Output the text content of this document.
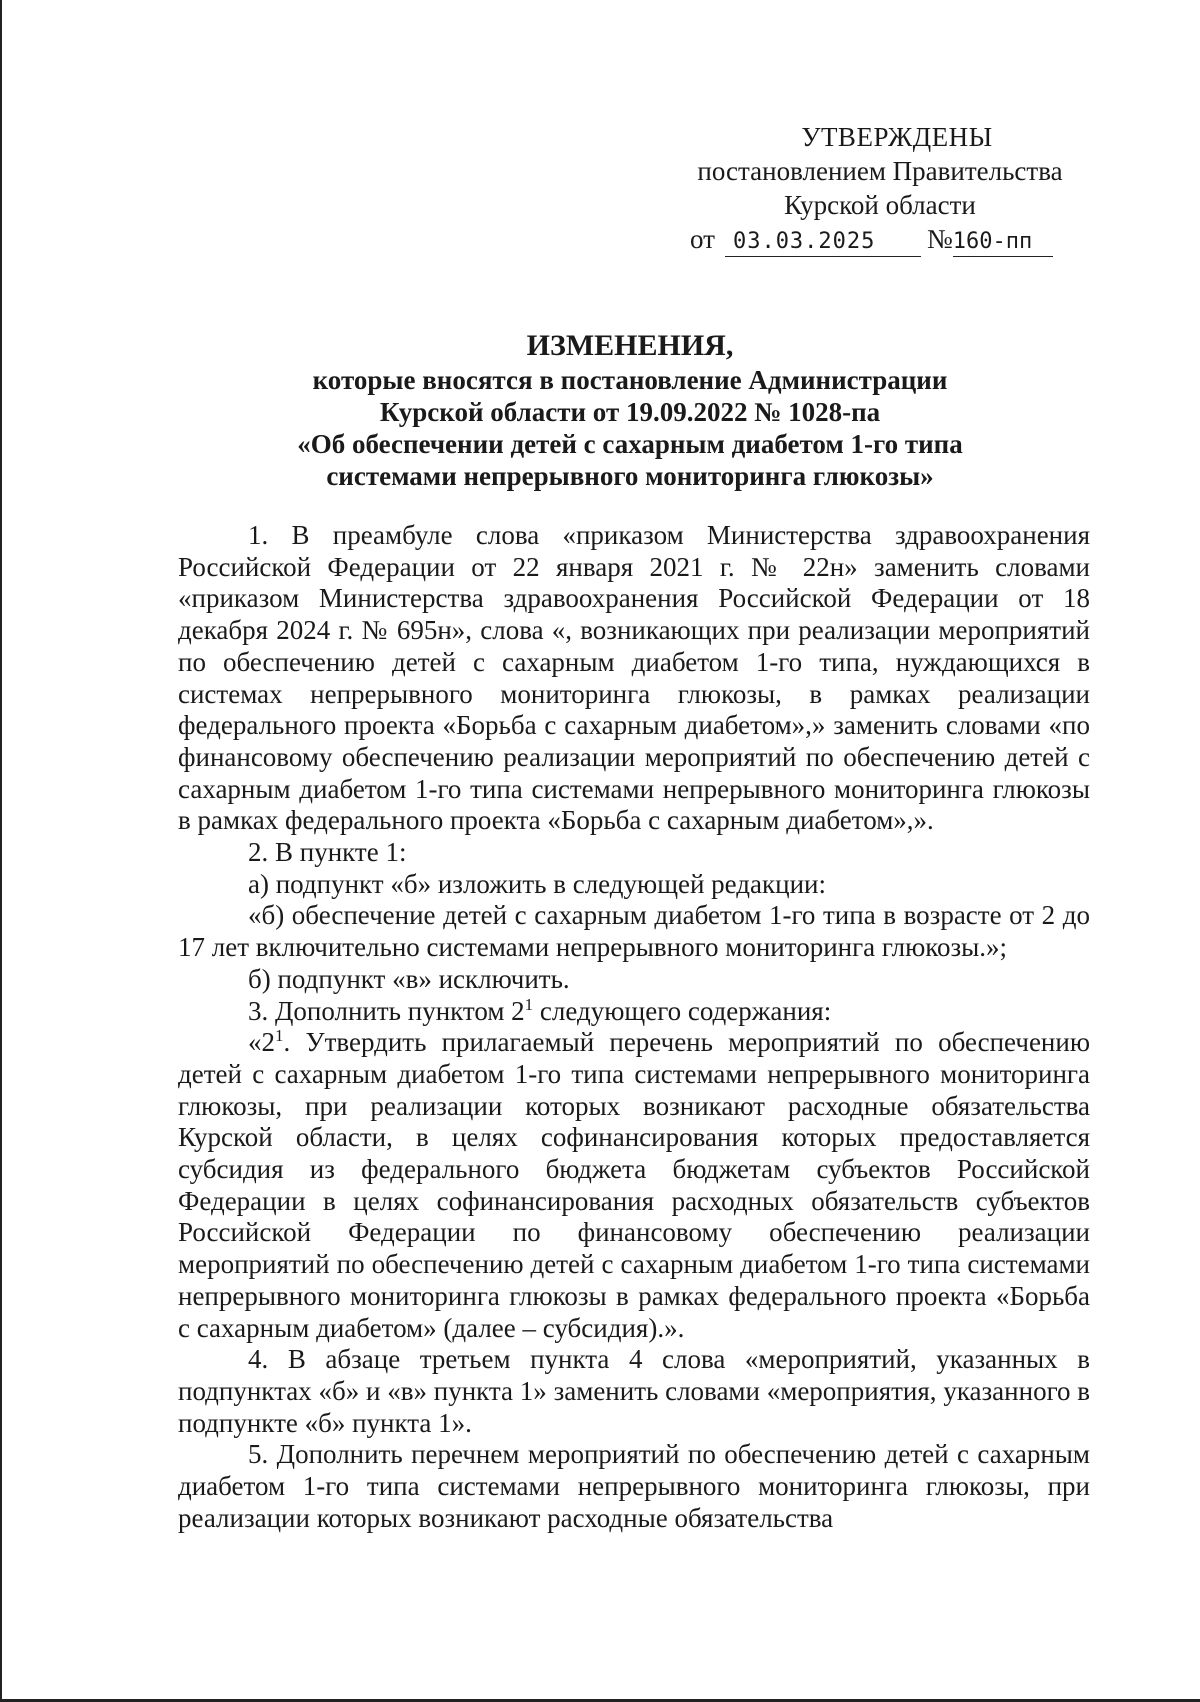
УТВЕРЖДЕНЫ
постановлением Правительства
Курской области
от 03.03.2025	№ 160-пп
ИЗМЕНЕНИЯ,
которые вносятся в постановление Администрации
Курской области от 19.09.2022 № 1028-па
«Об обеспечении детей с сахарным диабетом 1-го типа
системами непрерывного мониторинга глюкозы»

1. В преамбуле слова «приказом Министерства здравоохранения Российской Федерации от 22 января 2021 г. № 22н» заменить словами «приказом Министерства здравоохранения Российской Федерации от 18 декабря 2024 г. № 695н», слова «, возникающих при реализации мероприятий по обеспечению детей с сахарным диабетом 1-го типа, нуждающихся в системах непрерывного мониторинга глюкозы, в рамках реализации федерального проекта «Борьба с сахарным диабетом»,» заменить словами «по финансовому обеспечению реализации мероприятий по обеспечению детей с сахарным диабетом 1-го типа системами непрерывного мониторинга глюкозы в рамках федерального проекта «Борьба с сахарным диабетом»,».

2. В пункте 1:

а) подпункт «б» изложить в следующей редакции:

«б) обеспечение детей с сахарным диабетом 1-го типа в возрасте от 2 до 17 лет включительно системами непрерывного мониторинга глюкозы.»;

б) подпункт «в» исключить.

3. Дополнить пунктом $2^1$ следующего содержания:

«$2^1$. Утвердить прилагаемый перечень мероприятий по обеспечению детей с сахарным диабетом 1-го типа системами непрерывного мониторинга глюкозы, при реализации которых возникают расходные обязательства Курской области, в целях софинансирования которых предоставляется субсидия из федерального бюджета бюджетам субъектов Российской Федерации в целях софинансирования расходных обязательств субъектов Российской Федерации по финансовому обеспечению реализации мероприятий по обеспечению детей с сахарным диабетом 1-го типа системами непрерывного мониторинга глюкозы в рамках федерального проекта «Борьба с сахарным диабетом» (далее – субсидия).».

4. В абзаце третьем пункта 4 слова «мероприятий, указанных в подпунктах «б» и «в» пункта 1» заменить словами «мероприятия, указанного в подпункте «б» пункта 1».

5. Дополнить перечнем мероприятий по обеспечению детей с сахарным диабетом 1-го типа системами непрерывного мониторинга глюкозы, при реализации которых возникают расходные обязательства
